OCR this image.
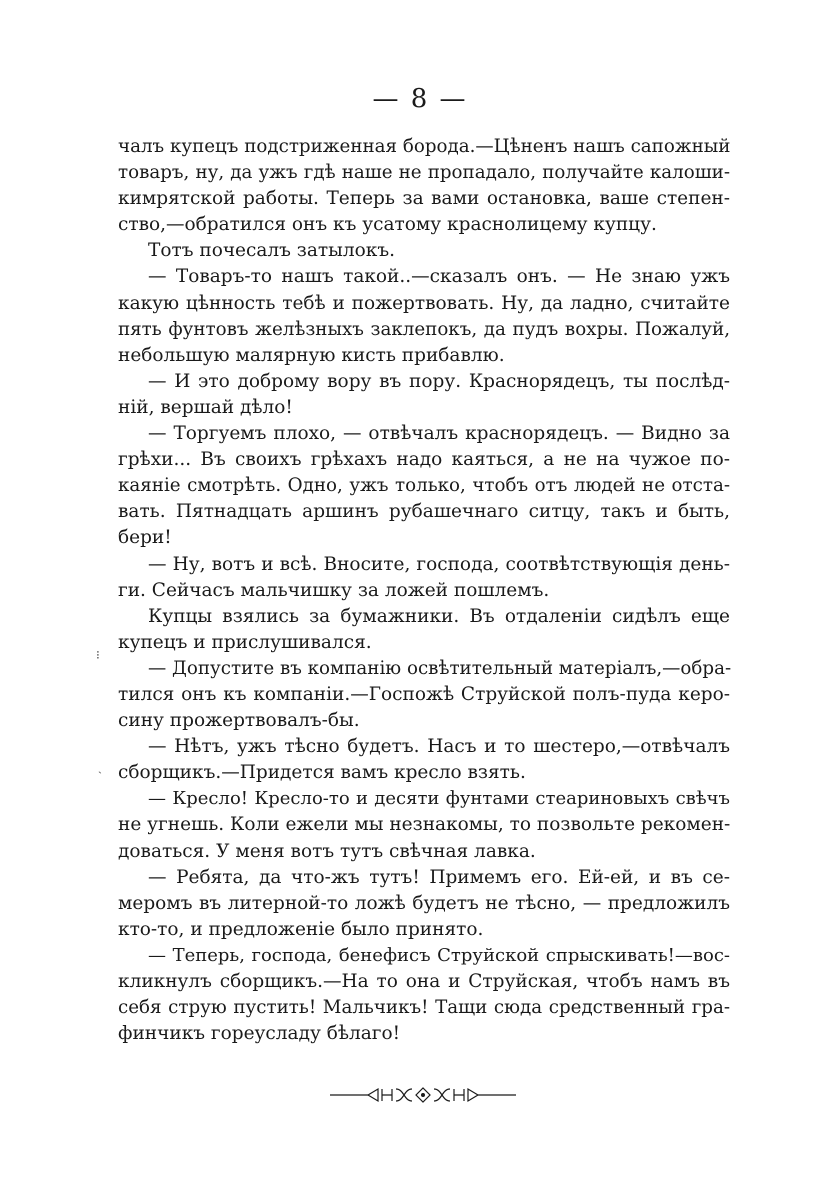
— 8 —
чалъ купецъ подстриженная борода.—Цѣненъ нашъ сапожный
товаръ, ну, да ужъ гдѣ наше не пропадало, получайте калоши-
кимрятской работы. Теперь за вами остановка, ваше степен-
ство,—обратился онъ къ усатому краснолицему купцу.
Тотъ почесалъ затылокъ.
— Товаръ-то нашъ такой..—сказалъ онъ. — Не знаю ужъ
какую цѣнность тебѣ и пожертвовать. Ну, да ладно, считайте
пять фунтовъ желѣзныхъ заклепокъ, да пудъ вохры. Пожалуй,
небольшую малярную кисть прибавлю.
— И это доброму вору въ пору. Краснорядецъ, ты послѣд-
ній, вершай дѣло!
— Торгуемъ плохо, — отвѣчалъ краснорядецъ. — Видно за
грѣхи... Въ своихъ грѣхахъ надо каяться, а не на чужое по-
каяніе смотрѣть. Одно, ужъ только, чтобъ отъ людей не отста-
вать. Пятнадцать аршинъ рубашечнаго ситцу, такъ и быть,
бери!
— Ну, вотъ и всѣ. Вносите, господа, соотвѣтствующія день-
ги. Сейчасъ мальчишку за ложей пошлемъ.
Купцы взялись за бумажники. Въ отдаленіи сидѣлъ еще
купецъ и прислушивался.
— Допустите въ компанію освѣтительный матеріалъ,—обра-
тился онъ къ компаніи.—Госпожѣ Струйской полъ-пуда керо-
сину прожертвовалъ-бы.
— Нѣтъ, ужъ тѣсно будетъ. Насъ и то шестеро,—отвѣчалъ
сборщикъ.—Придется вамъ кресло взять.
— Кресло! Кресло-то и десяти фунтами стеариновыхъ свѣчъ
не угнешь. Коли ежели мы незнакомы, то позвольте рекомен-
доваться. У меня вотъ тутъ свѣчная лавка.
— Ребята, да что-жъ тутъ! Примемъ его. Ей-ей, и въ се-
меромъ въ литерной-то ложѣ будетъ не тѣсно, — предложилъ
кто-то, и предложеніе было принято.
— Теперь, господа, бенефисъ Струйской спрыскивать!—вос-
кликнулъ сборщикъ.—На то она и Струйская, чтобъ намъ въ
себя струю пустить! Мальчикъ! Тащи сюда средственный гра-
финчикъ гореусладу бѣлаго!
⁝
ˎ
